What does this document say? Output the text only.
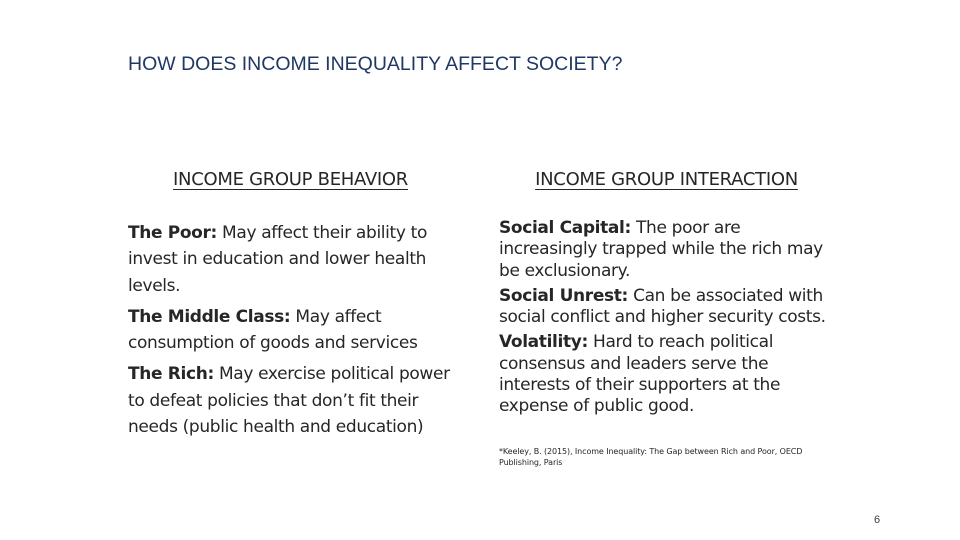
HOW DOES INCOME INEQUALITY AFFECT SOCIETY?
INCOME GROUP BEHAVIOR	INCOME GROUP INTERACTION

The Poor: May affect their ability to invest in education and lower health levels.

The Middle Class: May affect consumption of goods and services

The Rich: May exercise political power to defeat policies that don’t fit their needs (public health and education)

Social Capital: The poor are increasingly trapped while the rich may be exclusionary.

Social Unrest: Can be associated with social conflict and higher security costs.

Volatility: Hard to reach political consensus and leaders serve the interests of their supporters at the expense of public good.

*Keeley, B. (2015), Income Inequality: The Gap between Rich and Poor, OECD Publishing, Paris
6
